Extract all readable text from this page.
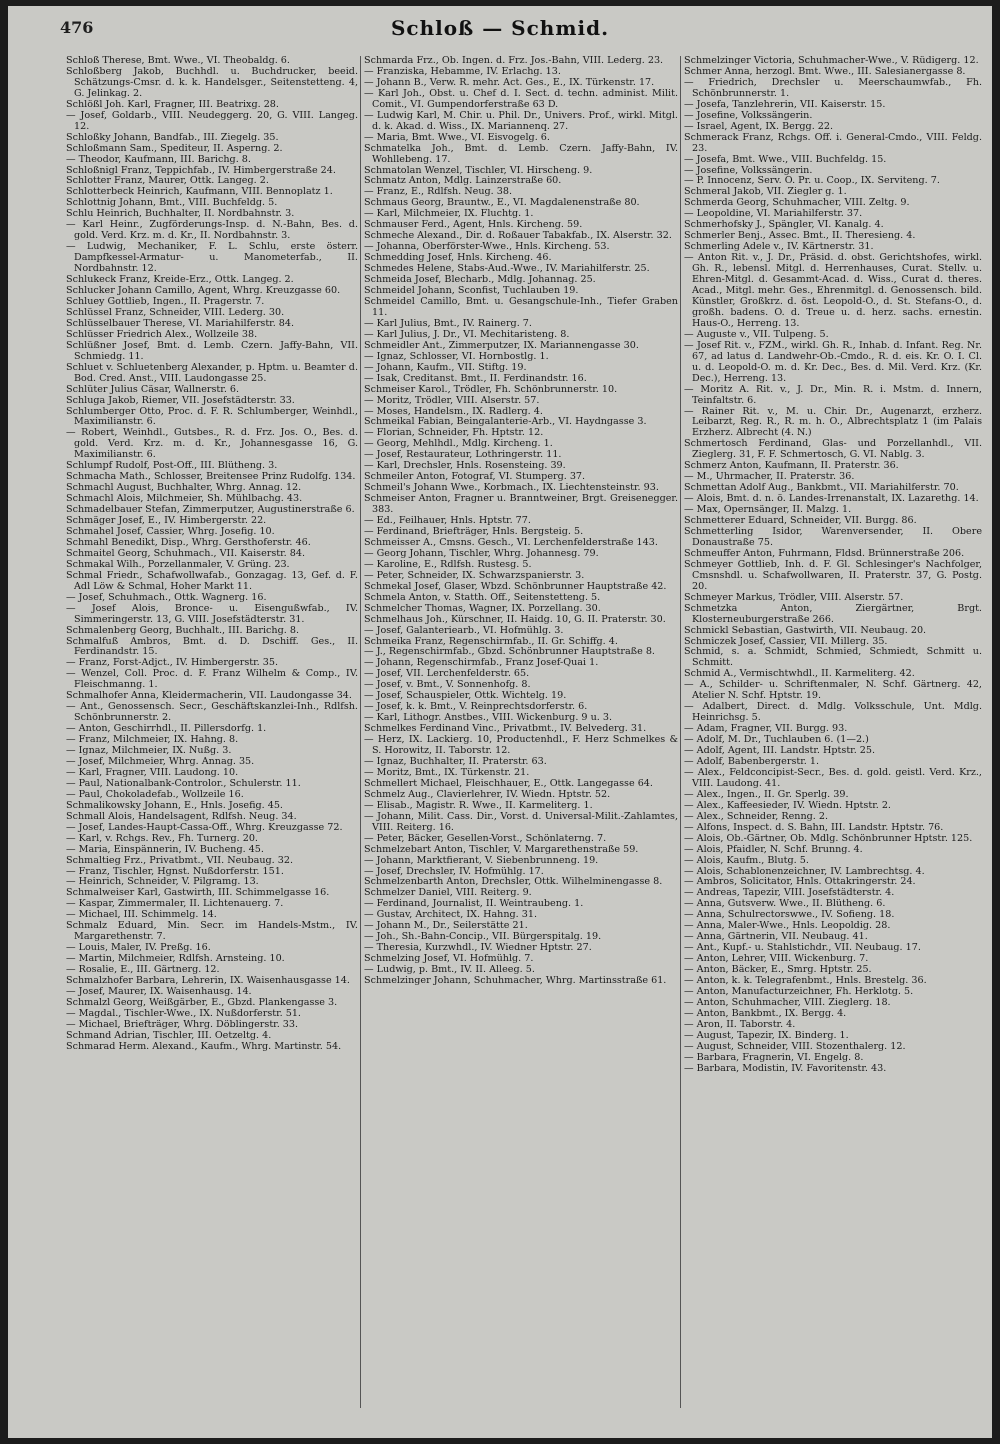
476	Schloß — Schmid.

Schloß Therese, Bmt. Wwe., VI. Theobaldg. 6.

Schloßberg Jakob, Buchhdl. u. Buchdrucker, beeid. Schätzungs-Cmsr. d. k. k. Handelsger., Seitenstetteng. 4, G. Jelinkag. 2.

Schlößl Joh. Karl, Fragner, III. Beatrixg. 28.

— Josef, Goldarb., VIII. Neudeggerg. 20, G. VIII. Langeg. 12.

Schloßky Johann, Bandfab., III. Ziegelg. 35.

Schloßmann Sam., Spediteur, II. Asperng. 2.

— Theodor, Kaufmann, III. Barichg. 8.

Schloßnigl Franz, Teppichfab., IV. Himbergerstraße 24.

Schlotter Franz, Maurer, Ottk. Langeg. 2.

Schlotterbeck Heinrich, Kaufmann, VIII. Bennoplatz 1.

Schlottnig Johann, Bmt., VIII. Buchfeldg. 5.

Schlu Heinrich, Buchhalter, II. Nordbahnstr. 3.

— Karl Heinr., Zugförderungs-Insp. d. N.-Bahn, Bes. d. gold. Verd. Krz. m. d. Kr., II. Nordbahnstr. 3.

— Ludwig, Mechaniker, F. L. Schlu, erste österr. Dampfkessel-Armatur- u. Manometerfab., II. Nordbahnstr. 12.

Schlukeck Franz, Kreide-Erz., Ottk. Langeg. 2.

Schlucker Johann Camillo, Agent, Whrg. Kreuzgasse 60.

Schluey Gottlieb, Ingen., II. Pragerstr. 7.

Schlüssel Franz, Schneider, VIII. Lederg. 30.

Schlüsselbauer Therese, VI. Mariahilferstr. 84.

Schlüsser Friedrich Alex., Wollzeile 38.

Schlüßner Josef, Bmt. d. Lemb. Czern. Jaffy-Bahn, VII. Schmiedg. 11.

Schluet v. Schluetenberg Alexander, p. Hptm. u. Beamter d. Bod. Cred. Anst., VIII. Laudongasse 25.

Schlüter Julius Cäsar, Wallnerstr. 6.

Schluga Jakob, Riemer, VII. Josefstädterstr. 33.

Schlumberger Otto, Proc. d. F. R. Schlumberger, Weinhdl., Maximilianstr. 6.

— Robert, Weinhdl., Gutsbes., R. d. Frz. Jos. O., Bes. d. gold. Verd. Krz. m. d. Kr., Johannesgasse 16, G. Maximilianstr. 6.

Schlumpf Rudolf, Post-Off., III. Blütheng. 3.

Schmacha Math., Schlosser, Breitensee Prinz Rudolfg. 134.

Schmachl August, Buchhalter, Whrg. Annag. 12.

Schmachl Alois, Milchmeier, Sh. Mühlbachg. 43.

Schmadelbauer Stefan, Zimmerputzer, Augustinerstraße 6.

Schmäger Josef, E., IV. Himbergerstr. 22.

Schmahel Josef, Cassier, Whrg. Josefig. 10.

Schmahl Benedikt, Disp., Whrg. Gersthoferstr. 46.

Schmaitel Georg, Schuhmach., VII. Kaiserstr. 84.

Schmakal Wilh., Porzellanmaler, V. Grüng. 23.

Schmal Friedr., Schafwollwafab., Gonzagag. 13, Gef. d. F. Adl Löw & Schmal, Hoher Markt 11.

— Josef, Schuhmach., Ottk. Wagnerg. 16.

— Josef Alois, Bronce- u. Eisengußwfab., IV. Simmeringerstr. 13, G. VIII. Josefstädterstr. 31.

Schmalenberg Georg, Buchhalt., III. Barichg. 8.

Schmalfuß Ambros, Bmt. d. D. Dschiff. Ges., II. Ferdinandstr. 15.

— Franz, Forst-Adjct., IV. Himbergerstr. 35.

— Wenzel, Coll. Proc. d. F. Franz Wilhelm & Comp., IV. Fleischmanng. 1.

Schmalhofer Anna, Kleidermacherin, VII. Laudongasse 34.

— Ant., Genossensch. Secr., Geschäftskanzlei-Inh., Rdlfsh. Schönbrunnerstr. 2.

— Anton, Geschirrhdl., II. Pillersdorfg. 1.

— Franz, Milchmeier, IX. Hahng. 8.

— Ignaz, Milchmeier, IX. Nußg. 3.

— Josef, Milchmeier, Whrg. Annag. 35.

— Karl, Fragner, VIII. Laudong. 10.

— Paul, Nationalbank-Controlor., Schulerstr. 11.

— Paul, Chokoladefab., Wollzeile 16.

Schmalikowsky Johann, E., Hnls. Josefig. 45.

Schmall Alois, Handelsagent, Rdlfsh. Neug. 34.

— Josef, Landes-Haupt-Cassa-Off., Whrg. Kreuzgasse 72.

— Karl, v. Rchgs. Rev., Fh. Turnerg. 20.

— Maria, Einspännerin, IV. Bucheng. 45.

Schmaltieg Frz., Privatbmt., VII. Neubaug. 32.

— Franz, Tischler, Hgnst. Nußdorferstr. 151.

— Heinrich, Schneider, V. Pilgramg. 13.

Schmalweiser Karl, Gastwirth, III. Schimmelgasse 16.

— Kaspar, Zimmermaler, II. Lichtenauerg. 7.

— Michael, III. Schimmelg. 14.

Schmalz Eduard, Min. Secr. im Handels-Mstm., IV. Margarethenstr. 7.

— Louis, Maler, IV. Preßg. 16.

— Martin, Milchmeier, Rdlfsh. Arnsteing. 10.

— Rosalie, E., III. Gärtnerg. 12.

Schmalzhofer Barbara, Lehrerin, IX. Waisenhausgasse 14.

— Josef, Maurer, IX. Waisenhausg. 14.

Schmalzl Georg, Weißgärber, E., Gbzd. Plankengasse 3.

— Magdal., Tischler-Wwe., IX. Nußdorferstr. 51.

— Michael, Briefträger, Whrg. Döblingerstr. 33.

Schmand Adrian, Tischler, III. Oetzeltg. 4.

Schmarad Herm. Alexand., Kaufm., Whrg. Martinstr. 54.

Schmarda Frz., Ob. Ingen. d. Frz. Jos.-Bahn, VIII. Lederg. 23.

— Franziska, Hebamme, IV. Erlachg. 13.

— Johann B., Verw. R. mehr. Act. Ges., E., IX. Türkenstr. 17.

— Karl Joh., Obst. u. Chef d. I. Sect. d. techn. administ. Milit. Comit., VI. Gumpendorferstraße 63 D.

— Ludwig Karl, M. Chir. u. Phil. Dr., Univers. Prof., wirkl. Mitgl. d. k. Akad. d. Wiss., IX. Mariannenq. 27.

— Maria, Bmt. Wwe., VI. Eisvogelg. 6.

Schmatelka Joh., Bmt. d. Lemb. Czern. Jaffy-Bahn, IV. Wohllebeng. 17.

Schmatolan Wenzel, Tischler, VI. Hirscheng. 9.

Schmatz Anton, Mdlg. Lainzerstraße 60.

— Franz, E., Rdlfsh. Neug. 38.

Schmaus Georg, Brauntw., E., VI. Magdalenenstraße 80.

— Karl, Milchmeier, IX. Fluchtg. 1.

Schmauser Ferd., Agent, Hnls. Kircheng. 59.

Schmeche Alexand., Dir. d. Roßauer Tabakfab., IX. Alserstr. 32.

— Johanna, Oberförster-Wwe., Hnls. Kircheng. 53.

Schmedding Josef, Hnls. Kircheng. 46.

Schmedes Helene, Stabs-Aud.-Wwe., IV. Mariahilferstr. 25.

Schmeida Josef, Blecharb., Mdlg. Johannag. 25.

Schmeidel Johann, Sconfist, Tuchlauben 19.

Schmeidel Camillo, Bmt. u. Gesangschule-Inh., Tiefer Graben 11.

— Karl Julius, Bmt., IV. Rainerg. 7.

— Karl Julius, J. Dr., VI. Mechitaristeng. 8.

Schmeidler Ant., Zimmerputzer, IX. Mariannengasse 30.

— Ignaz, Schlosser, VI. Hornbostlg. 1.

— Johann, Kaufm., VII. Stiftg. 19.

— Isak, Creditanst. Bmt., II. Ferdinandstr. 16.

Schmeiser Karol., Trödler, Fh. Schönbrunnerstr. 10.

— Moritz, Trödler, VIII. Alserstr. 57.

— Moses, Handelsm., IX. Radlerg. 4.

Schmeikal Fabian, Beingalanterie-Arb., VI. Haydngasse 3.

— Florian, Schneider, Fh. Hptstr. 12.

— Georg, Mehlhdl., Mdlg. Kircheng. 1.

— Josef, Restaurateur, Lothringerstr. 11.

— Karl, Drechsler, Hnls. Rosensteing. 39.

Schmeiler Anton, Fotograf, VI. Stumperg. 37.

Schmeil's Johann Wwe., Korbmach., IX. Liechtensteinstr. 93.

Schmeiser Anton, Fragner u. Branntweiner, Brgt. Greisenegger. 383.

— Ed., Feilhauer, Hnls. Hptstr. 77.

— Ferdinand, Briefträger, Hnls. Bergsteig. 5.

Schmeisser A., Cmsns. Gesch., VI. Lerchenfelderstraße 143.

— Georg Johann, Tischler, Whrg. Johannesg. 79.

— Karoline, E., Rdlfsh. Rustesg. 5.

— Peter, Schneider, IX. Schwarzspanierstr. 3.

Schmekal Josef, Glaser, Wbzd. Schönbrunner Hauptstraße 42.

Schmela Anton, v. Statth. Off., Seitenstetteng. 5.

Schmelcher Thomas, Wagner, IX. Porzellang. 30.

Schmelhaus Joh., Kürschner, II. Haidg. 10, G. II. Praterstr. 30.

— Josef, Galanteriearb., VI. Hofmühlg. 3.

Schmeika Franz, Regenschirmfab., II. Gr. Schiffg. 4.

— J., Regenschirmfab., Gbzd. Schönbrunner Hauptstraße 8.

— Johann, Regenschirmfab., Franz Josef-Quai 1.

— Josef, VII. Lerchenfelderstr. 65.

— Josef, v. Bmt., V. Sonnenhofg. 8.

— Josef, Schauspieler, Ottk. Wichtelg. 19.

— Josef, k. k. Bmt., V. Reinprechtsdorferstr. 6.

— Karl, Lithogr. Anstbes., VIII. Wickenburg. 9 u. 3.

Schmelkes Ferdinand Vinc., Privatbmt., IV. Belvederg. 31.

— Herz, IX. Lackierg. 10, Productenhdl., F. Herz Schmelkes & S. Horowitz, II. Taborstr. 12.

— Ignaz, Buchhalter, II. Praterstr. 63.

— Moritz, Bmt., IX. Türkenstr. 21.

Schmellert Michael, Fleischhauer, E., Ottk. Langegasse 64.

Schmelz Aug., Clavierlehrer, IV. Wiedn. Hptstr. 52.

— Elisab., Magistr. R. Wwe., II. Karmeliterg. 1.

— Johann, Milit. Cass. Dir., Vorst. d. Universal-Milit.-Zahlamtes, VIII. Reiterg. 16.

— Peter, Bäcker, Gesellen-Vorst., Schönlaterng. 7.

Schmelzebart Anton, Tischler, V. Margarethenstraße 59.

— Johann, Marktfierant, V. Siebenbrunneng. 19.

— Josef, Drechsler, IV. Hofmühlg. 17.

Schmelzenbarth Anton, Drechsler, Ottk. Wilhelminengasse 8.

Schmelzer Daniel, VIII. Reiterg. 9.

— Ferdinand, Journalist, II. Weintraubeng. 1.

— Gustav, Architect, IX. Hahng. 31.

— Johann M., Dr., Seilerstätte 21.

— Joh., Sh.-Bahn-Concip., VII. Bürgerspitalg. 19.

— Theresia, Kurzwhdl., IV. Wiedner Hptstr. 27.

Schmelzing Josef, VI. Hofmühlg. 7.

— Ludwig, p. Bmt., IV. II. Alleeg. 5.

Schmelzinger Johann, Schuhmacher, Whrg. Martinsstraße 61.

Schmelzinger Victoria, Schuhmacher-Wwe., V. Rüdigerg. 12.

Schmer Anna, herzogl. Bmt. Wwe., III. Salesianergasse 8.

— Friedrich, Drechsler u. Meerschaumwfab., Fh. Schönbrunnerstr. 1.

— Josefa, Tanzlehrerin, VII. Kaiserstr. 15.

— Josefine, Volkssängerin.

— Israel, Agent, IX. Bergg. 22.

Schmerack Franz, Rchgs. Off. i. General-Cmdo., VIII. Feldg. 23.

— Josefa, Bmt. Wwe., VIII. Buchfeldg. 15.

— Josefine, Volkssängerin.

— P. Innocenz, Serv. O. Pr. u. Coop., IX. Serviteng. 7.

Schmeral Jakob, VII. Ziegler g. 1.

Schmerda Georg, Schuhmacher, VIII. Zeltg. 9.

— Leopoldine, VI. Mariahilferstr. 37.

Schmerhofsky J., Spängler, VI. Kanalg. 4.

Schmerler Benj., Assec. Bmt., II. Theresieng. 4.

Schmerling Adele v., IV. Kärtnerstr. 31.

— Anton Rit. v., J. Dr., Präsid. d. obst. Gerichtshofes, wirkl. Gh. R., lebensl. Mitgl. d. Herrenhauses, Curat. Stellv. u. Ehren-Mitgl. d. Gesammt-Acad. d. Wiss., Curat d. theres. Acad., Mitgl. mehr. Ges., Ehrenmitgl. d. Genossensch. bild. Künstler, Großkrz. d. öst. Leopold-O., d. St. Stefans-O., d. großh. badens. O. d. Treue u. d. herz. sachs. ernestin. Haus-O., Herreng. 13.

— Auguste v., VII. Tulpeng. 5.

— Josef Rit. v., FZM., wirkl. Gh. R., Inhab. d. Infant. Reg. Nr. 67, ad latus d. Landwehr-Ob.-Cmdo., R. d. eis. Kr. O. I. Cl. u. d. Leopold-O. m. d. Kr. Dec., Bes. d. Mil. Verd. Krz. (Kr. Dec.), Herreng. 13.

— Moritz A. Rit. v., J. Dr., Min. R. i. Mstm. d. Innern, Teinfaltstr. 6.

— Rainer Rit. v., M. u. Chir. Dr., Augenarzt, erzherz. Leibarzt, Reg. R., R. m. h. O., Albrechtsplatz 1 (im Palais Erzherz. Albrecht (4. N.)

Schmertosch Ferdinand, Glas- und Porzellanhdl., VII. Zieglerg. 31, F. F. Schmertosch, G. VI. Nablg. 3.

Schmerz Anton, Kaufmann, II. Praterstr. 36.

— M., Uhrmacher, II. Praterstr. 36.

Schmettan Adolf Aug., Bankbmt., VII. Mariahilferstr. 70.

— Alois, Bmt. d. n. ö. Landes-Irrenanstalt, IX. Lazarethg. 14.

— Max, Opernsänger, II. Malzg. 1.

Schmetterer Eduard, Schneider, VII. Burgg. 86.

Schmetterling Isidor, Warenversender, II. Obere Donaustraße 75.

Schmeuffer Anton, Fuhrmann, Fldsd. Brünnerstraße 206.

Schmeyer Gottlieb, Inh. d. F. Gl. Schlesinger's Nachfolger, Cmsnshdl. u. Schafwollwaren, II. Praterstr. 37, G. Postg. 20.

Schmeyer Markus, Trödler, VIII. Alserstr. 57.

Schmetzka Anton, Ziergärtner, Brgt. Klosterneuburgerstraße 266.

Schmickl Sebastian, Gastwirth, VII. Neubaug. 20.

Schmiczek Josef, Cassier, VII. Millerg. 35.

Schmid, s. a. Schmidt, Schmied, Schmiedt, Schmitt u. Schmitt.

Schmid A., Vermischtwhdl., II. Karmeliterg. 42.

— A., Schilder- u. Schriftenmaler, N. Schf. Gärtnerg. 42, Atelier N. Schf. Hptstr. 19.

— Adalbert, Direct. d. Mdlg. Volksschule, Unt. Mdlg. Heinrichsg. 5.

— Adam, Fragner, VII. Burgg. 93.

— Adolf, M. Dr., Tuchlauben 6. (1—2.)

— Adolf, Agent, III. Landstr. Hptstr. 25.

— Adolf, Babenbergerstr. 1.

— Alex., Feldconcipist-Secr., Bes. d. gold. geistl. Verd. Krz., VIII. Laudong. 41.

— Alex., Ingen., II. Gr. Sperlg. 39.

— Alex., Kaffeesieder, IV. Wiedn. Hptstr. 2.

— Alex., Schneider, Renng. 2.

— Alfons, Inspect. d. S. Bahn, III. Landstr. Hptstr. 76.

— Alois, Ob.-Gärtner, Ob. Mdlg. Schönbrunner Hptstr. 125.

— Alois, Pfaidler, N. Schf. Brunng. 4.

— Alois, Kaufm., Blutg. 5.

— Alois, Schablonenzeichner, IV. Lambrechtsg. 4.

— Ambros, Solicitator, Hnls. Ottakringerstr. 24.

— Andreas, Tapezir, VIII. Josefstädterstr. 4.

— Anna, Gutsverw. Wwe., II. Blütheng. 6.

— Anna, Schulrectorswwe., IV. Sofieng. 18.

— Anna, Maler-Wwe., Hnls. Leopoldig. 28.

— Anna, Gärtnerin, VII. Neubaug. 41.

— Ant., Kupf.- u. Stahlstichdr., VII. Neubaug. 17.

— Anton, Lehrer, VIII. Wickenburg. 7.

— Anton, Bäcker, E., Smrg. Hptstr. 25.

— Anton, k. k. Telegrafenbmt., Hnls. Brestelg. 36.

— Anton, Manufacturzeichner, Fh. Herklotg. 5.

— Anton, Schuhmacher, VIII. Zieglerg. 18.

— Anton, Bankbmt., IX. Bergg. 4.

— Aron, II. Taborstr. 4.

— August, Tapezir, IX. Binderg. 1.

— August, Schneider, VIII. Stozenthalerg. 12.

— Barbara, Fragnerin, VI. Engelg. 8.

— Barbara, Modistin, IV. Favoritenstr. 43.
